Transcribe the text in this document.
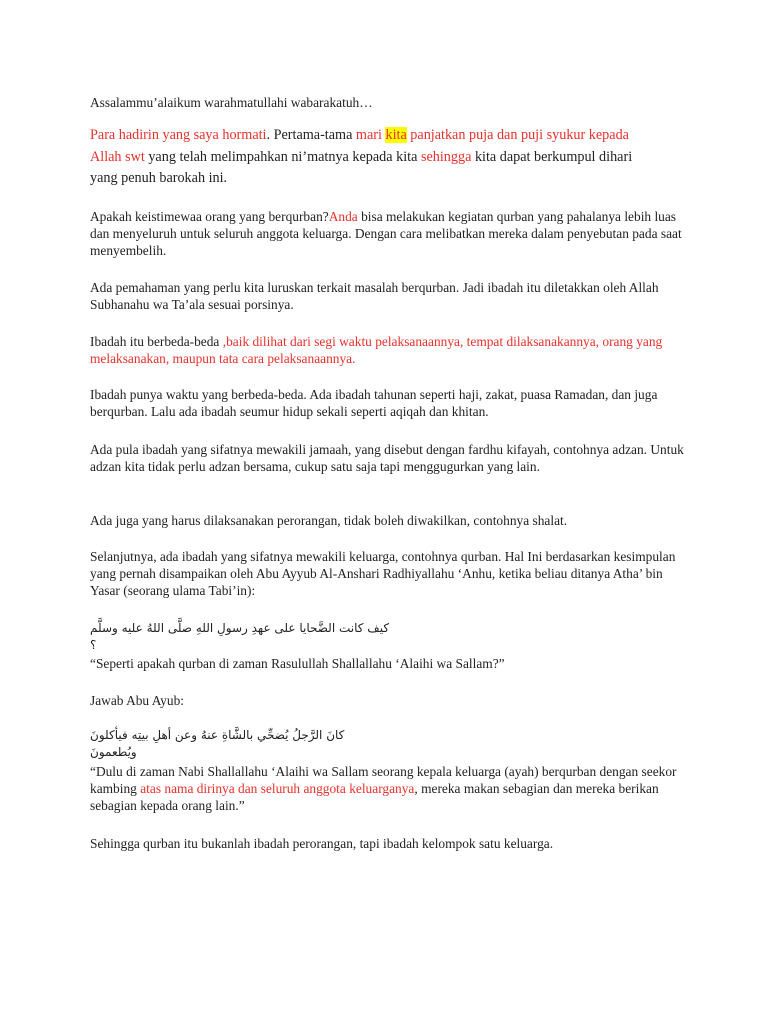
Assalammu’alaikum warahmatullahi wabarakatuh…

Para hadirin yang saya hormati. Pertama-tama mari kita panjatkan puja dan puji syukur kepada
Allah swt yang telah melimpahkan ni’matnya kepada kita sehingga kita dapat berkumpul dihari
yang penuh barokah ini.

Apakah keistimewaa orang yang berqurban?Anda bisa melakukan kegiatan qurban yang pahalanya lebih luas dan menyeluruh untuk seluruh anggota keluarga. Dengan cara melibatkan mereka dalam penyebutan pada saat menyembelih.

Ada pemahaman yang perlu kita luruskan terkait masalah berqurban. Jadi ibadah itu diletakkan oleh Allah Subhanahu wa Ta’ala sesuai porsinya.

Ibadah itu berbeda-beda ,baik dilihat dari segi waktu pelaksanaannya, tempat dilaksanakannya, orang yang melaksanakan, maupun tata cara pelaksanaannya.

Ibadah punya waktu yang berbeda-beda. Ada ibadah tahunan seperti haji, zakat, puasa Ramadan, dan juga berqurban. Lalu ada ibadah seumur hidup sekali seperti aqiqah dan khitan.

Ada pula ibadah yang sifatnya mewakili jamaah, yang disebut dengan fardhu kifayah, contohnya adzan. Untuk adzan kita tidak perlu adzan bersama, cukup satu saja tapi menggugurkan yang lain.

Ada juga yang harus dilaksanakan perorangan, tidak boleh diwakilkan, contohnya shalat.

Selanjutnya, ada ibadah yang sifatnya mewakili keluarga, contohnya qurban. Hal Ini berdasarkan kesimpulan yang pernah disampaikan oleh Abu Ayyub Al-Anshari Radhiyallahu ‘Anhu, ketika beliau ditanya Atha’ bin Yasar (seorang ulama Tabi’in):

كيف كانت الضَّحايا على عهدِ رسولِ اللهِ صلَّى اللهُ عليه وسلَّم ؟

“Seperti apakah qurban di zaman Rasulullah Shallallahu ‘Alaihi wa Sallam?”

Jawab Abu Ayub:

كانَ الرَّجلُ يُضحِّي بالشَّاةِ عنهُ وعن أهلِ بيتِه فيأكلونَ ويُطعمونَ

“Dulu di zaman Nabi Shallallahu ‘Alaihi wa Sallam seorang kepala keluarga (ayah) berqurban dengan seekor kambing atas nama dirinya dan seluruh anggota keluarganya, mereka makan sebagian dan mereka berikan sebagian kepada orang lain.”

Sehingga qurban itu bukanlah ibadah perorangan, tapi ibadah kelompok satu keluarga.
